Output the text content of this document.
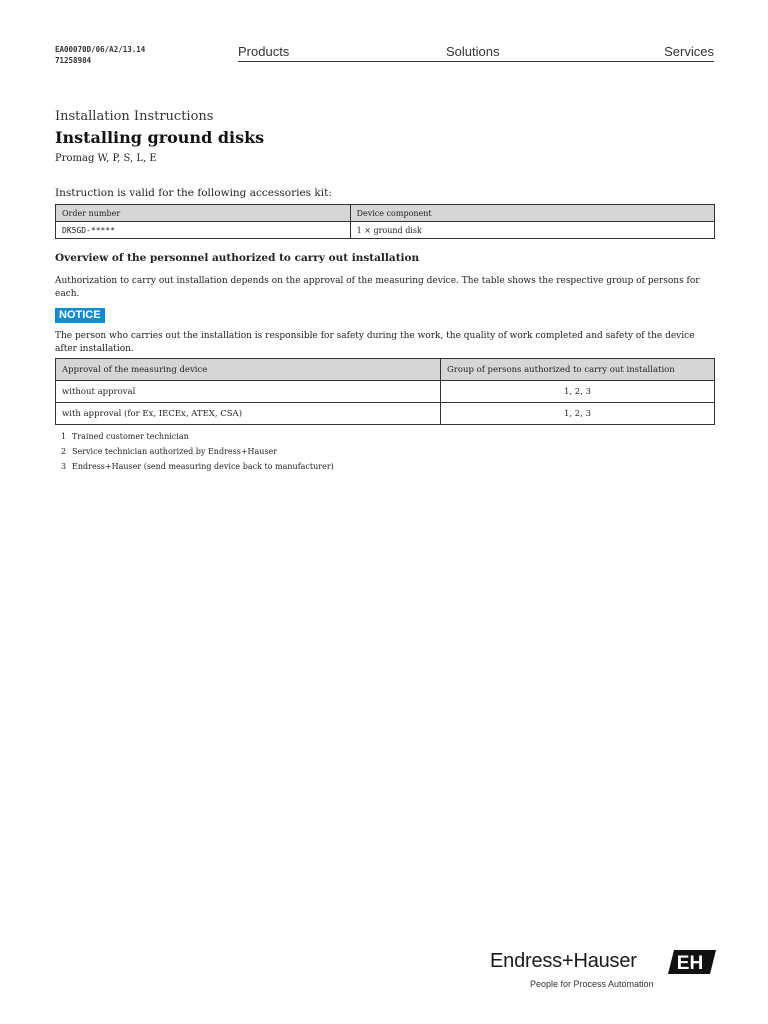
EA00070D/06/A2/13.14
71258984
Products	Solutions	Services

Installation Instructions

Installing ground disks

Promag W, P, S, L, E

Instruction is valid for the following accessories kit:

Order number	Device component
DK5GD-*****	1 × ground disk
Overview of the personnel authorized to carry out installation

Authorization to carry out installation depends on the approval of the measuring device. The table shows the respective group of persons for each.

NOTICE

The person who carries out the installation is responsible for safety during the work, the quality of work completed and safety of the device after installation.

Approval of the measuring device	Group of persons authorized to carry out installation
without approval	1, 2, 3
with approval (for Ex, IECEx, ATEX, CSA)	1, 2, 3
1 Trained customer technician
2 Service technician authorized by Endress+Hauser
3 Endress+Hauser (send measuring device back to manufacturer)
Endress+Hauser
People for Process Automation
EH
